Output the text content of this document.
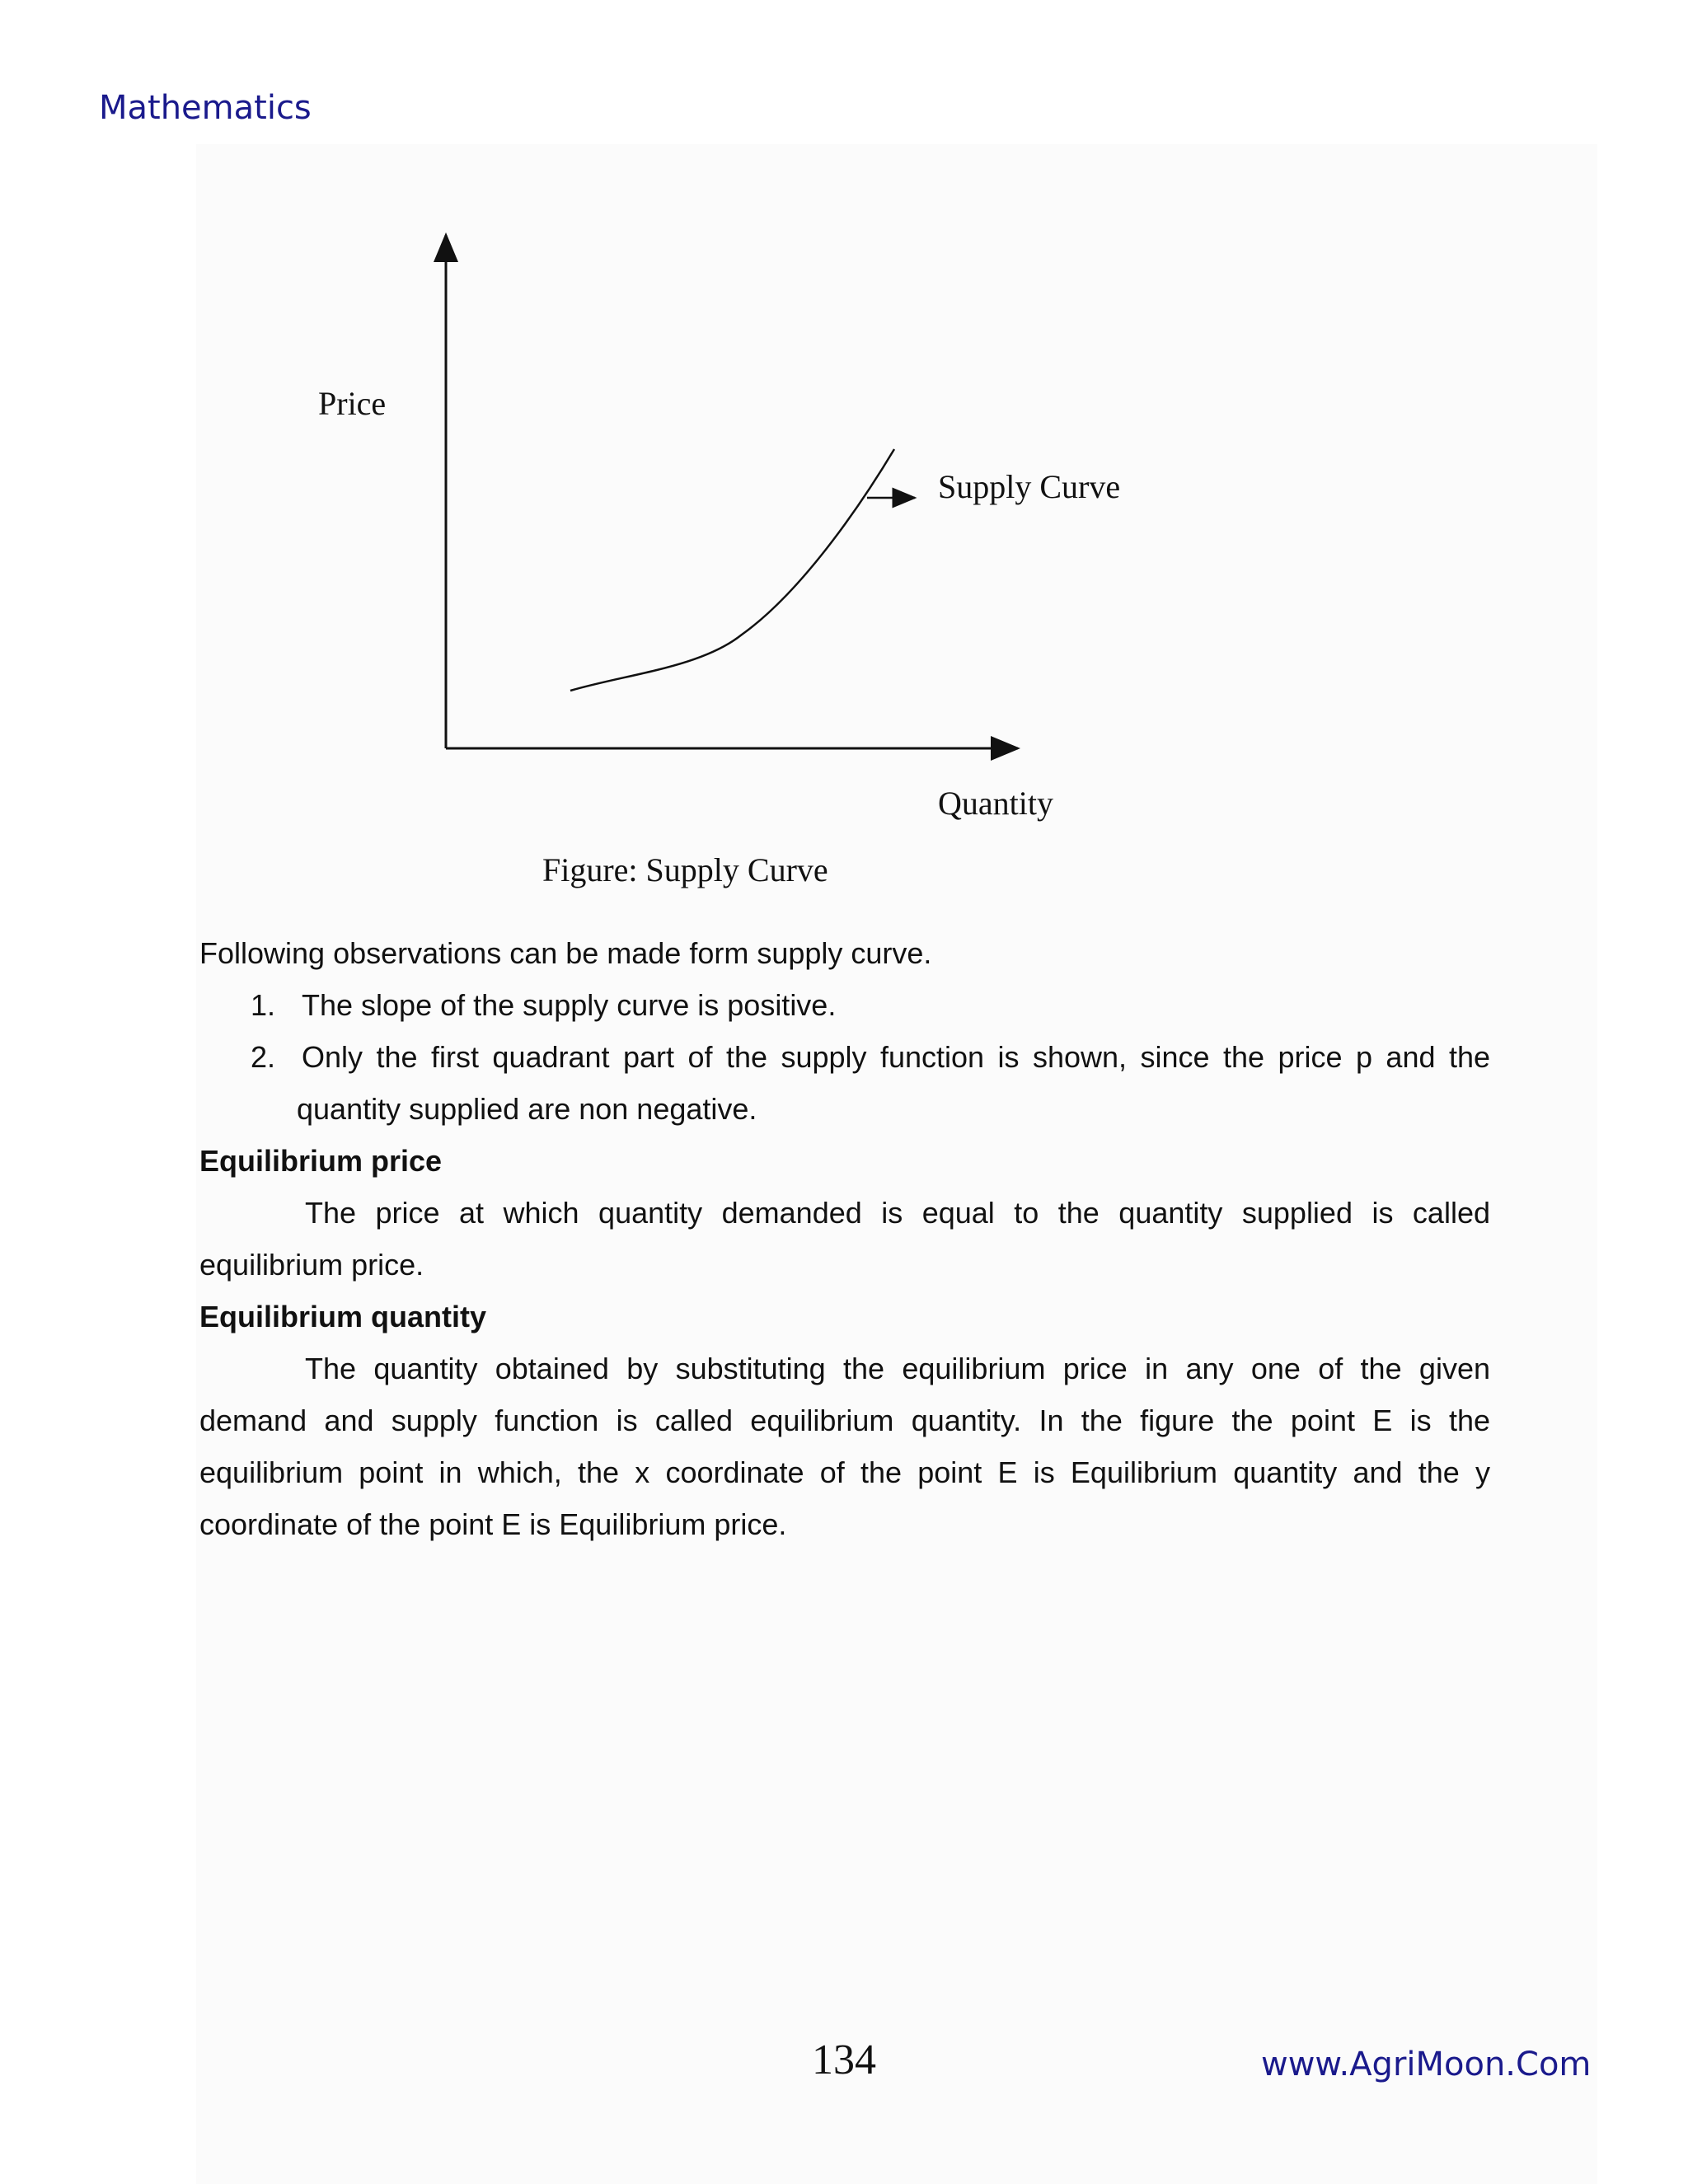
Mathematics
Price
Supply Curve
Quantity
Figure: Supply Curve
Following observations can be made form supply curve.
1. The slope of the supply curve is positive.
2. Only the first quadrant part of the supply function is shown, since the price p and the
quantity supplied are non negative.
Equilibrium price
The price at which quantity demanded is equal to the quantity supplied is called
equilibrium price.
Equilibrium quantity
The quantity obtained by substituting the equilibrium price in any one of the given
demand and supply function is called equilibrium quantity. In the figure the point E is the
equilibrium point in which, the x coordinate of the point E is Equilibrium quantity and the y
coordinate of the point E is Equilibrium price.
134	www.AgriMoon.Com
